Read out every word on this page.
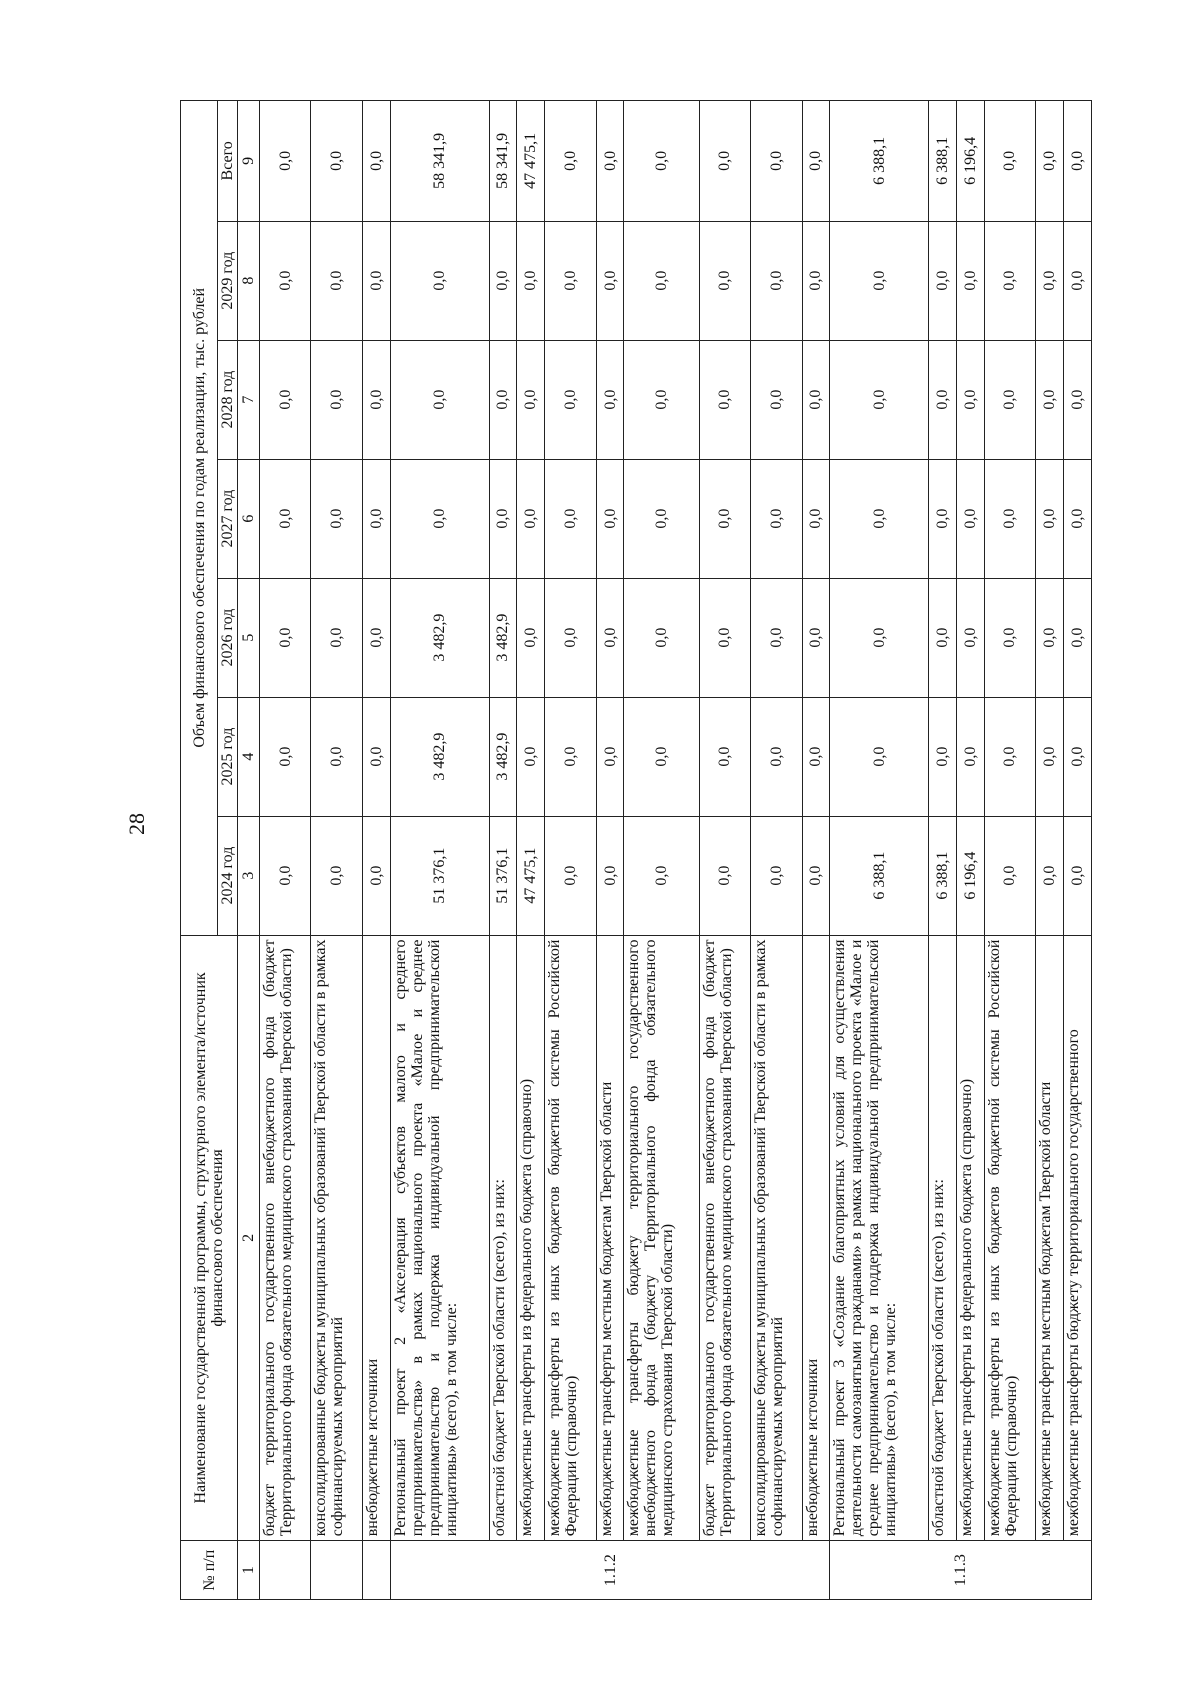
28
№ п/п	Наименование государственной программы, структурного элемента/источник финансового обеспечения	Объем финансового обеспечения по годам реализации, тыс. рублей						
		2024 год	2025 год	2026 год	2027 год	2028 год	2029 год	Всего
1	2	3	4	5	6	7	8	9
	бюджет территориального государственного внебюджетного фонда (бюджет Территориального фонда обязательного медицинского страхования Тверской области)	0,0	0,0	0,0	0,0	0,0	0,0	0,0
	консолидированные бюджеты муниципальных образований Тверской области в рамках софинансируемых мероприятий	0,0	0,0	0,0	0,0	0,0	0,0	0,0
	внебюджетные источники	0,0	0,0	0,0	0,0	0,0	0,0	0,0
1.1.2	Региональный проект 2 «Акселерация субъектов малого и среднего предпринимательства» в рамках национального проекта «Малое и среднее предпринимательство и поддержка индивидуальной предпринимательской инициативы» (всего), в том числе:	51 376,1	3 482,9	3 482,9	0,0	0,0	0,0	58 341,9
	областной бюджет Тверской области (всего), из них:	51 376,1	3 482,9	3 482,9	0,0	0,0	0,0	58 341,9
	межбюджетные трансферты из федерального бюджета (справочно)	47 475,1	0,0	0,0	0,0	0,0	0,0	47 475,1
	межбюджетные трансферты из иных бюджетов бюджетной системы Российской Федерации (справочно)	0,0	0,0	0,0	0,0	0,0	0,0	0,0
	межбюджетные трансферты местным бюджетам Тверской области	0,0	0,0	0,0	0,0	0,0	0,0	0,0
	межбюджетные трансферты бюджету территориального государственного внебюджетного фонда (бюджету Территориального фонда обязательного медицинского страхования Тверской области)	0,0	0,0	0,0	0,0	0,0	0,0	0,0
	бюджет территориального государственного внебюджетного фонда (бюджет Территориального фонда обязательного медицинского страхования Тверской области)	0,0	0,0	0,0	0,0	0,0	0,0	0,0
	консолидированные бюджеты муниципальных образований Тверской области в рамках софинансируемых мероприятий	0,0	0,0	0,0	0,0	0,0	0,0	0,0
	внебюджетные источники	0,0	0,0	0,0	0,0	0,0	0,0	0,0
1.1.3	Региональный проект 3 «Создание благоприятных условий для осуществления деятельности самозанятыми гражданами» в рамках национального проекта «Малое и среднее предпринимательство и поддержка индивидуальной предпринимательской инициативы» (всего), в том числе:	6 388,1	0,0	0,0	0,0	0,0	0,0	6 388,1
	областной бюджет Тверской области (всего), из них:	6 388,1	0,0	0,0	0,0	0,0	0,0	6 388,1
	межбюджетные трансферты из федерального бюджета (справочно)	6 196,4	0,0	0,0	0,0	0,0	0,0	6 196,4
	межбюджетные трансферты из иных бюджетов бюджетной системы Российской Федерации (справочно)	0,0	0,0	0,0	0,0	0,0	0,0	0,0
	межбюджетные трансферты местным бюджетам Тверской области	0,0	0,0	0,0	0,0	0,0	0,0	0,0
	межбюджетные трансферты бюджету территориального государственного	0,0	0,0	0,0	0,0	0,0	0,0	0,0
